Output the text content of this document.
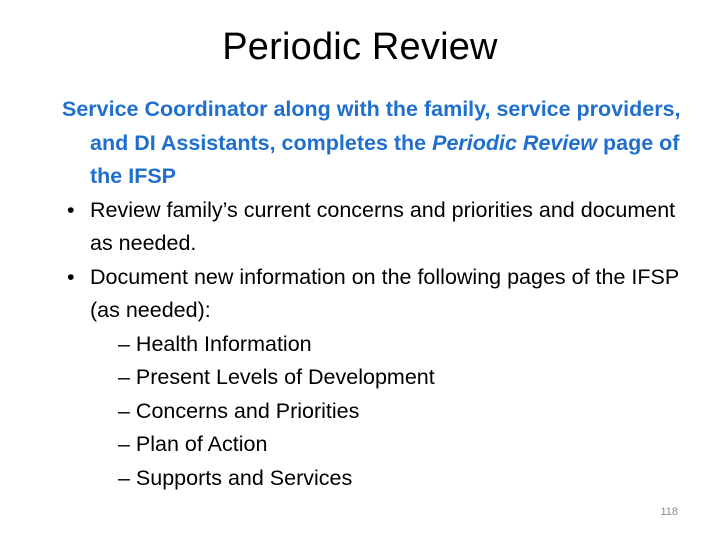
Periodic Review
Service Coordinator along with the family, service providers, and DI Assistants, completes the Periodic Review page of the IFSP
• Review family’s current concerns and priorities and document as needed.
• Document new information on the following pages of the IFSP (as needed):
– Health Information
– Present Levels of Development
– Concerns and Priorities
– Plan of Action
– Supports and Services
118
